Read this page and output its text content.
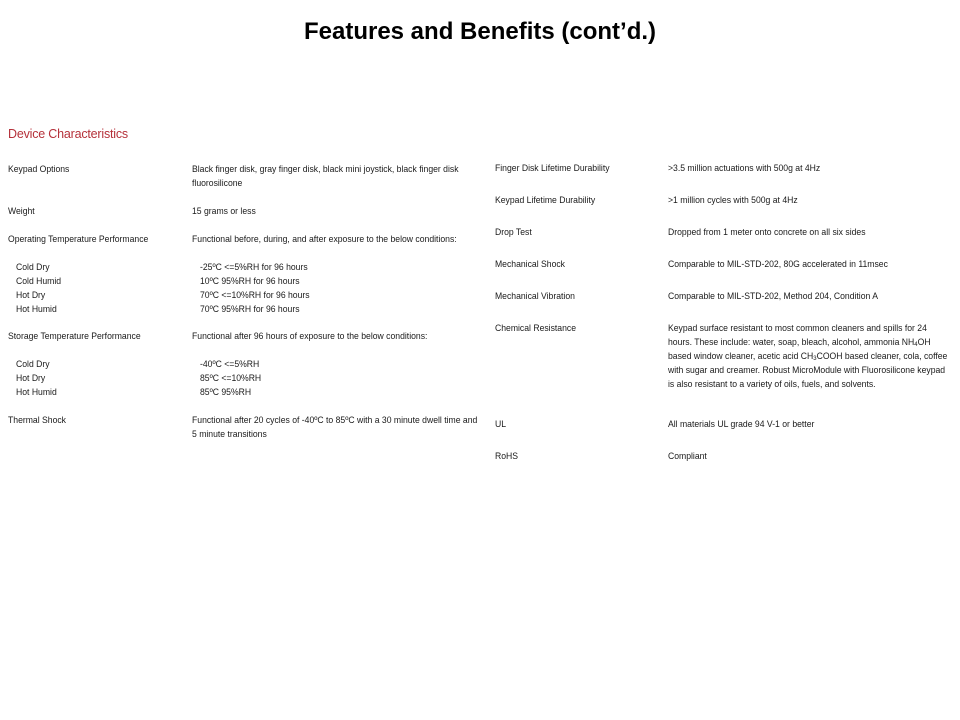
Features and Benefits (cont’d.)
Device Characteristics
Keypad Options
Weight
Operating Temperature Performance
Cold Dry
Cold Humid
Hot Dry
Hot Humid
Storage Temperature Performance
Cold Dry
Hot Dry
Hot Humid
Thermal Shock
Black finger disk, gray finger disk, black mini joystick, black finger disk fluorosilicone
15 grams or less
Functional before, during, and after exposure to the below conditions:
-25ºC <=5%RH for 96 hours
10ºC 95%RH for 96 hours
70ºC <=10%RH for 96 hours
70ºC 95%RH for 96 hours
Functional after 96 hours of exposure to the below conditions:
-40ºC <=5%RH
85ºC <=10%RH
85ºC 95%RH
Functional after 20 cycles of -40ºC to 85ºC with a 30 minute dwell time and 5 minute transitions
Finger Disk Lifetime Durability
Keypad Lifetime Durability
Drop Test
Mechanical Shock
Mechanical Vibration
Chemical Resistance
UL
RoHS
>3.5 million actuations with 500g at 4Hz
>1 million cycles with 500g at 4Hz
Dropped from 1 meter onto concrete on all six sides
Comparable to MIL-STD-202, 80G accelerated in 11msec
Comparable to MIL-STD-202, Method 204, Condition A
Keypad surface resistant to most common cleaners and spills for 24 hours. These include: water, soap, bleach, alcohol, ammonia $NH_4OH$ based window cleaner, acetic acid $CH_3COOH$ based cleaner, cola, coffee with sugar and creamer. Robust MicroModule with Fluorosilicone keypad is also resistant to a variety of oils, fuels, and solvents.
All materials UL grade 94 V-1 or better
Compliant
